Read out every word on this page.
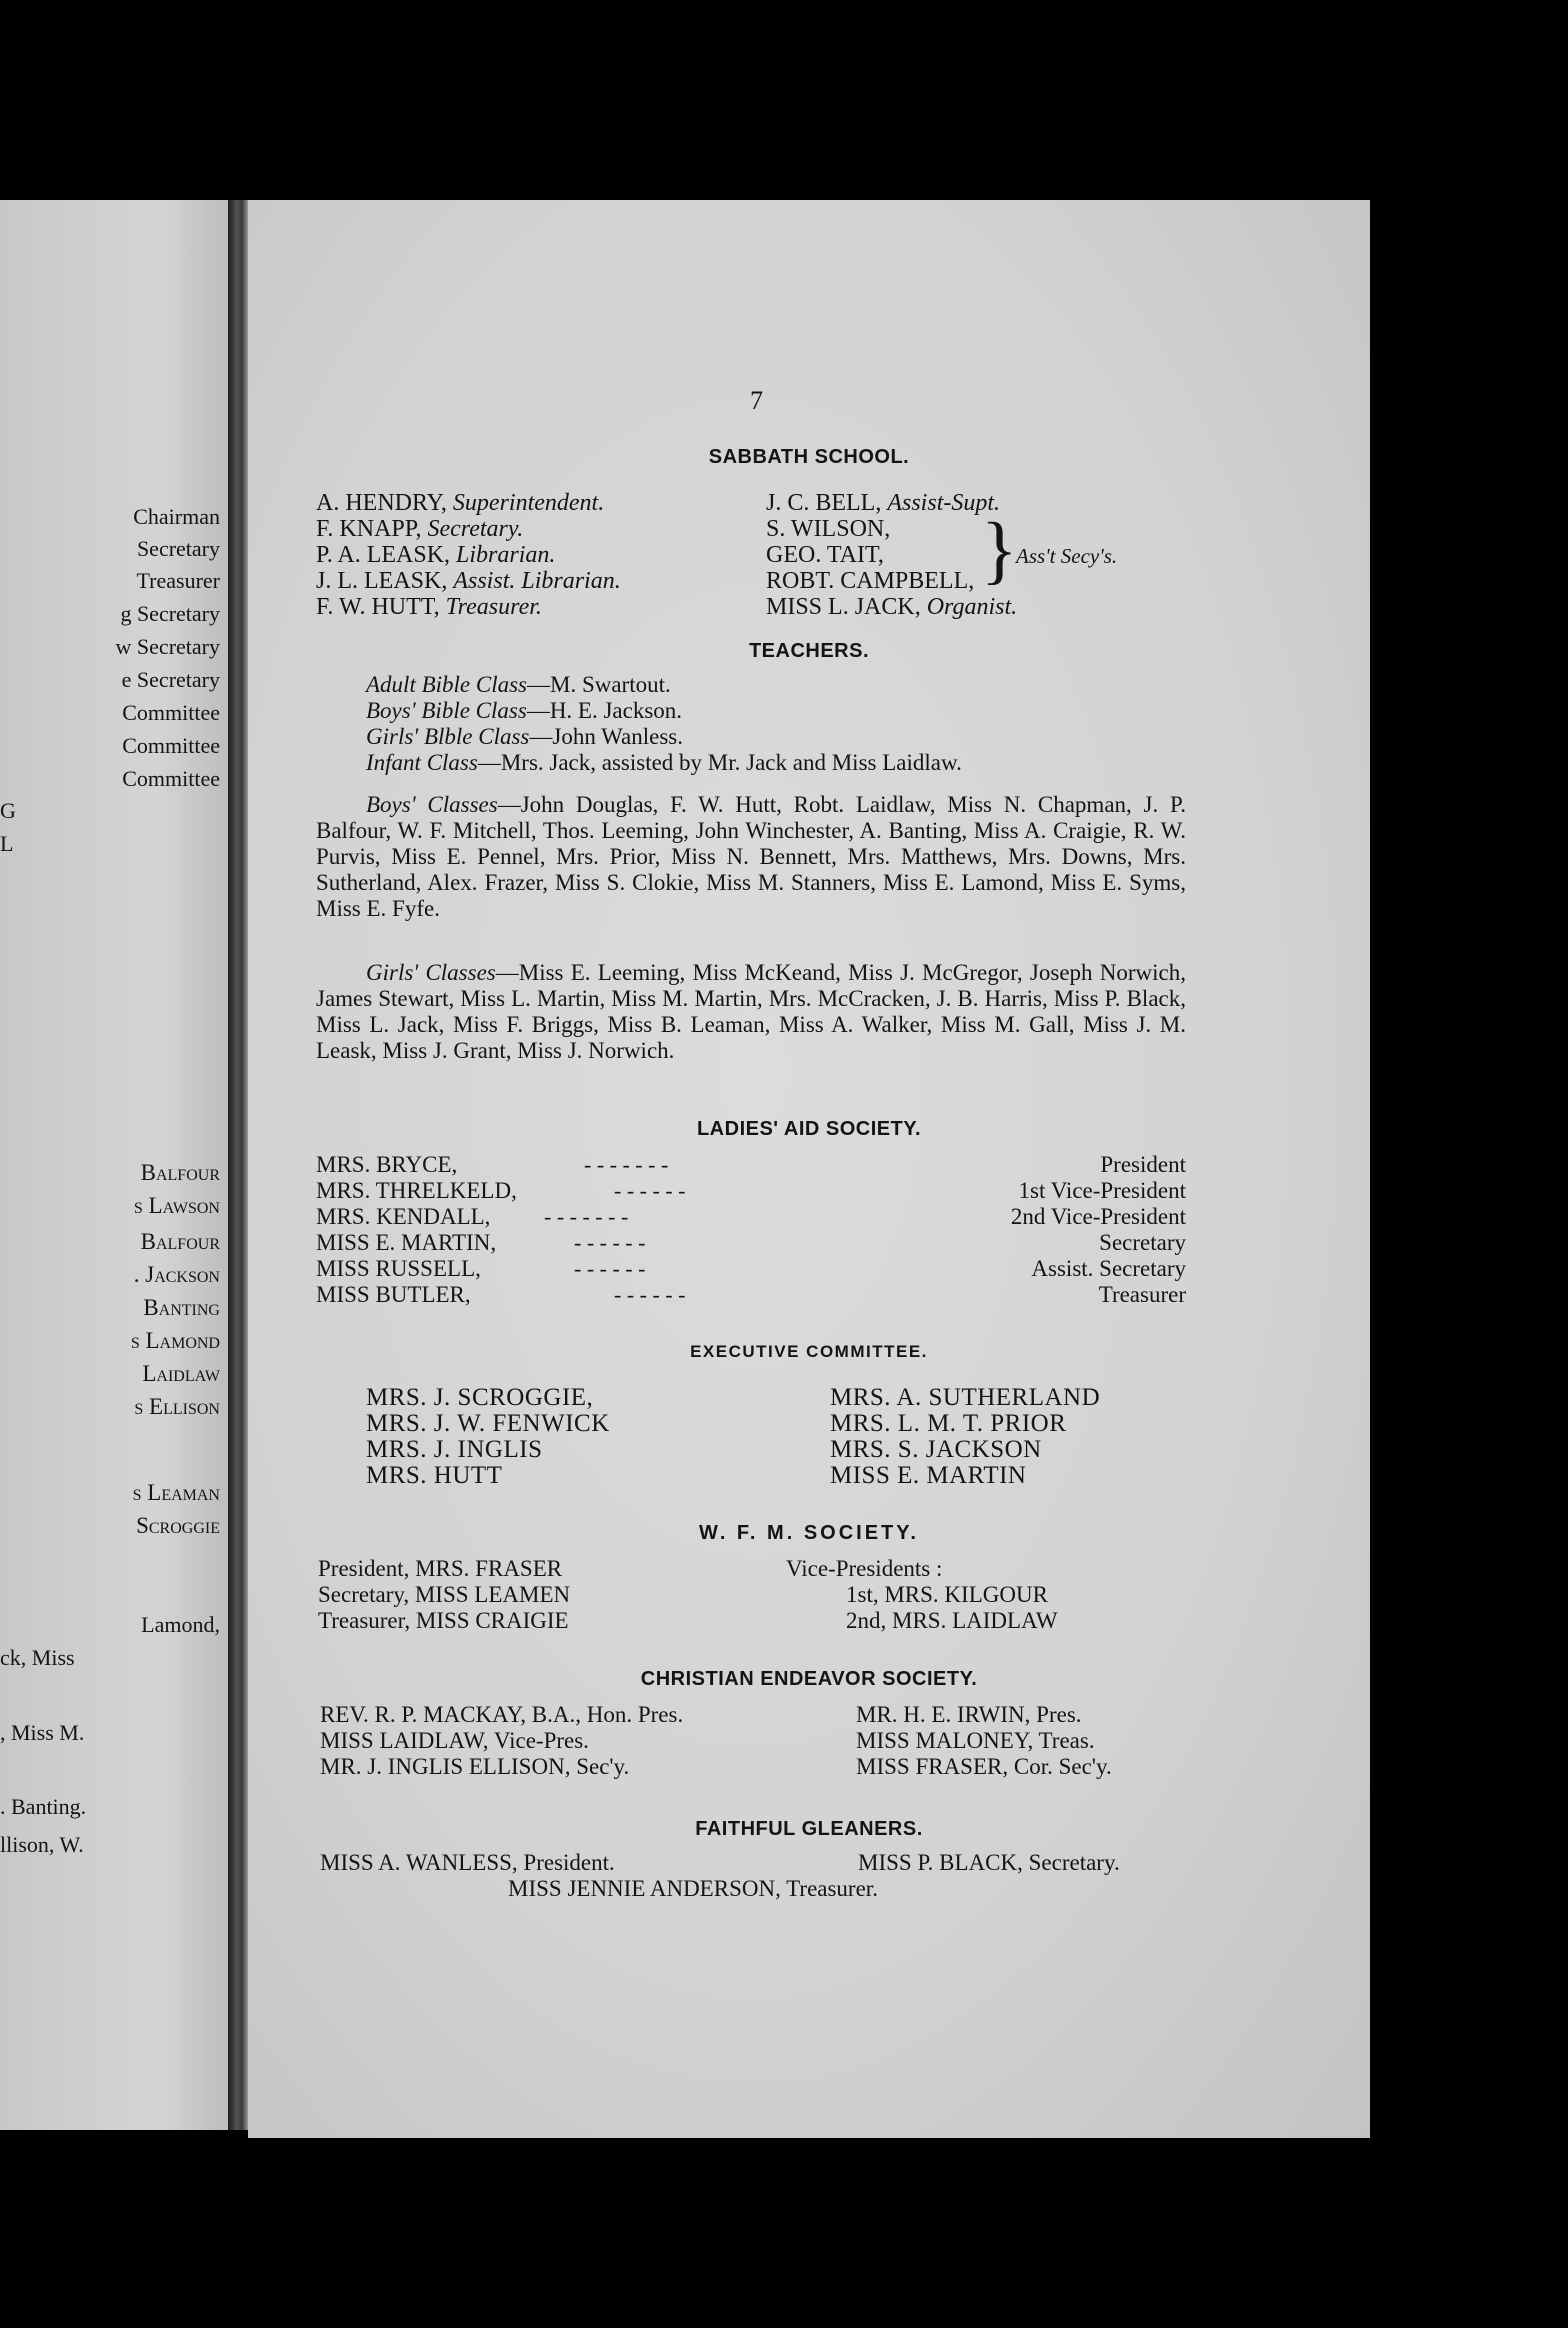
Chairman
Secretary
Treasurer
g Secretary
w Secretary
e Secretary
Committee
Committee
Committee
G
L
Balfour
s Lawson
Balfour
. Jackson
Banting
s Lamond
Laidlaw
s Ellison
s Leaman
Scroggie
Lamond,
ck, Miss
, Miss M.
. Banting.
llison, W.
7
SABBATH SCHOOL.
A. HENDRY, Superintendent.
F. KNAPP, Secretary.
P. A. LEASK, Librarian.
J. L. LEASK, Assist. Librarian.
F. W. HUTT, Treasurer.
J. C. BELL, Assist-Supt.
S. WILSON,
GEO. TAIT,
ROBT. CAMPBELL,
MISS L. JACK, Organist.
}
Ass't Secy's.
TEACHERS.
Adult Bible Class—M. Swartout.
Boys' Bible Class—H. E. Jackson.
Girls' Blble Class—John Wanless.
Infant Class—Mrs. Jack, assisted by Mr. Jack and Miss Laidlaw.
Boys' Classes—John Douglas, F. W. Hutt, Robt. Laidlaw, Miss N. Chapman, J. P. Balfour, W. F. Mitchell, Thos. Leeming, John Winchester, A. Banting, Miss A. Craigie, R. W. Purvis, Miss E. Pennel, Mrs. Prior, Miss N. Bennett, Mrs. Matthews, Mrs. Downs, Mrs. Sutherland, Alex. Frazer, Miss S. Clokie, Miss M. Stanners, Miss E. Lamond, Miss E. Syms, Miss E. Fyfe.
Girls' Classes—Miss E. Leeming, Miss McKeand, Miss J. McGregor, Joseph Norwich, James Stewart, Miss L. Martin, Miss M. Martin, Mrs. McCracken, J. B. Harris, Miss P. Black, Miss L. Jack, Miss F. Briggs, Miss B. Leaman, Miss A. Walker, Miss M. Gall, Miss J. M. Leask, Miss J. Grant, Miss J. Norwich.
LADIES' AID SOCIETY.
MRS. BRYCE,	- - - - - - -	President
MRS. THRELKELD,	- - - - - -	1st Vice-President
MRS. KENDALL, - - - - - - -	2nd Vice-President
MISS E. MARTIN,	- - - - - -	Secretary
MISS RUSSELL,	- - - - - -	Assist. Secretary
MISS BUTLER,	- - - - - -	Treasurer
EXECUTIVE COMMITTEE.
MRS. J. SCROGGIE,
MRS. J. W. FENWICK
MRS. J. INGLIS
MRS. HUTT
MRS. A. SUTHERLAND
MRS. L. M. T. PRIOR
MRS. S. JACKSON
MISS E. MARTIN
W. F. M. SOCIETY.
President, MRS. FRASER
Secretary, MISS LEAMEN
Treasurer, MISS CRAIGIE
Vice-Presidents :
1st, MRS. KILGOUR
2nd, MRS. LAIDLAW
CHRISTIAN ENDEAVOR SOCIETY.
REV. R. P. MACKAY, B.A., Hon. Pres.
MISS LAIDLAW, Vice-Pres.
MR. J. INGLIS ELLISON, Sec'y.
MR. H. E. IRWIN, Pres.
MISS MALONEY, Treas.
MISS FRASER, Cor. Sec'y.
FAITHFUL GLEANERS.
MISS A. WANLESS, President.	MISS P. BLACK, Secretary.
MISS JENNIE ANDERSON, Treasurer.
